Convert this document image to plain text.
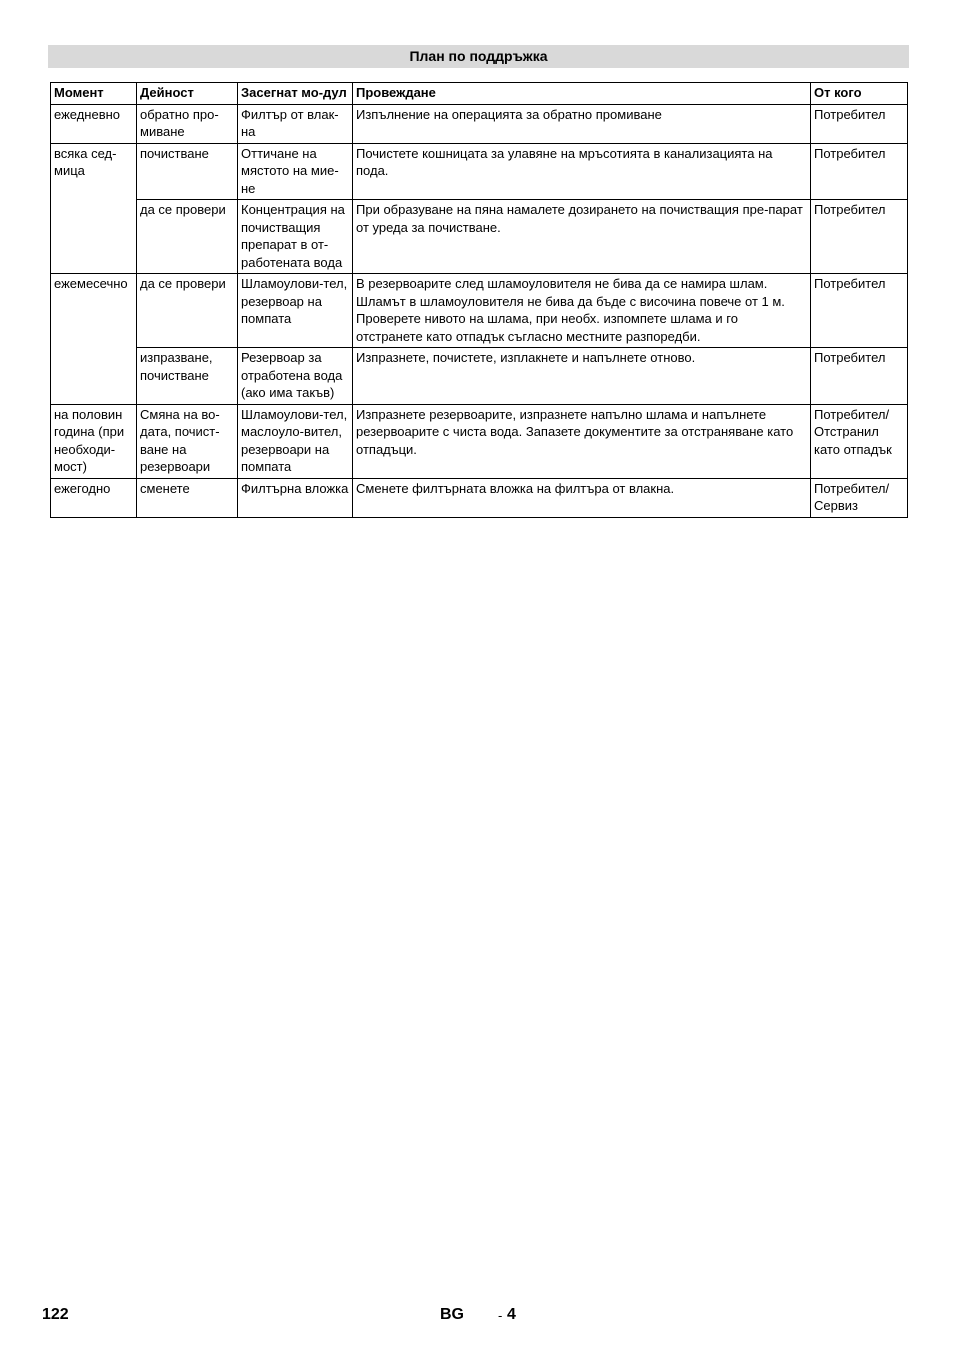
План по поддръжка
Момент	Дейност	Засегнат мо-дул	Провеждане	От кого
ежедневно	обратно про-миване	Филтър от влак-на	Изпълнение на операцията за обратно промиване	Потребител
всяка сед-мица	почистване	Оттичане на мястото на мие-не	Почистете кошницата за улавяне на мръсотията в канализацията на пода.	Потребител
	да се провери	Концентрация на почистващия препарат в от-работената вода	При образуване на пяна намалете дозирането на почистващия пре-парат от уреда за почистване.	Потребител
ежемесечно	да се провери	Шламоулови-тел, резервоар на помпата	В резервоарите след шламоуловителя не бива да се намира шлам. Шламът в шламоуловителя не бива да бъде с височина повече от 1 м. Проверете нивото на шлама, при необх. изпомпете шлама и го отстранете като отпадък съгласно местните разпоредби.	Потребител
	изпразване, почистване	Резервоар за отработена вода (ако има такъв)	Изпразнете, почистете, изплакнете и напълнете отново.	Потребител
на половин година (при необходи-мост)	Смяна на во-дата, почист-ване на резервоари	Шламоулови-тел, маслоуло-вител, резервоари на помпата	Изпразнете резервоарите, изпразнете напълно шлама и напълнете резервоарите с чиста вода. Запазете документите за отстраняване като отпадъци.	Потребител/ Отстранил като отпадък
ежегодно	сменете	Филтърна вложка	Сменете филтърната вложка на филтъра от влакна.	Потребител/ Сервиз
122	BG	- 4
